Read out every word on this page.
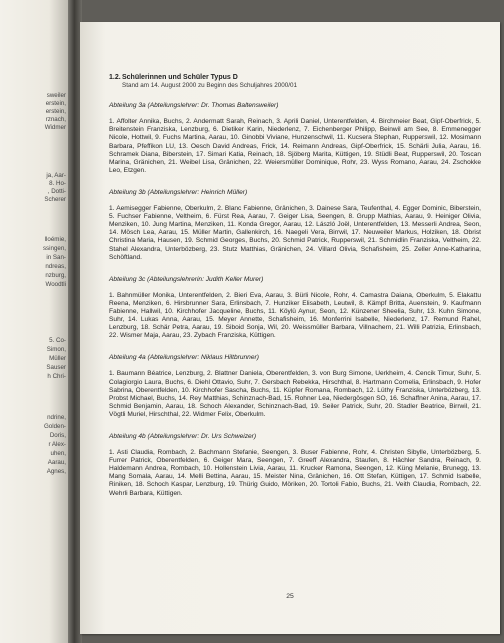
sweiler
erstein,
erstein,
rznach,
Widmer
ja, Aar-
8. Ho-
, Dotti-
Scherer
lloémie,
ssingen,
in San-
ndreas,
nzburg,
Woodtli
5. Co-
Simon,
Müller
Sauser
h Chri-
ndrine,
Golden-
Doris,
r Alex-
uhen,
Aarau,
Agnes,
1.2. Schülerinnen und Schüler Typus D
Stand am 14. August 2000 zu Beginn des Schuljahres 2000/01
Abteilung 3a (Abteilungslehrer: Dr. Thomas Baltensweiler)
1. Affolter Annika, Buchs, 2. Andermatt Sarah, Reinach, 3. Aprili Daniel, Unterentfelden, 4. Birchmeier Beat, Gipf-Oberfrick, 5. Breitenstein Franziska, Lenzburg, 6. Dietiker Karin, Niederlenz, 7. Eichenberger Philipp, Beinwil am See, 8. Emmenegger Nicole, Hottwil, 9. Fuchs Martina, Aarau, 10. Ginobbi Viviane, Hunzenschwil, 11. Kucsera Stephan, Rupperswil, 12. Mosimann Barbara, Pfeffikon LU, 13. Oesch David Andreas, Frick, 14. Reimann Andreas, Gipf-Oberfrick, 15. Schärli Julia, Aarau, 16. Schramek Diana, Biberstein, 17. Simari Katia, Reinach, 18. Sjöberg Marita, Küttigen, 19. Stüdli Beat, Rupperswil, 20. Toscan Marina, Gränichen, 21. Weibel Lisa, Gränichen, 22. Weiersmüller Dominique, Rohr, 23. Wyss Romano, Aarau, 24. Zschokke Leo, Etzgen.
Abteilung 3b (Abteilungslehrer: Heinrich Müller)
1. Aemisegger Fabienne, Oberkulm, 2. Blanc Fabienne, Gränichen, 3. Dainese Sara, Teufenthal, 4. Egger Dominic, Biberstein, 5. Fuchser Fabienne, Veltheim, 6. Fürst Rea, Aarau, 7. Geiger Lisa, Seengen, 8. Grupp Mathias, Aarau, 9. Heiniger Olivia, Menziken, 10. Jung Martina, Menziken, 11. Konda Gregor, Aarau, 12. László Joël, Unterentfelden, 13. Messerli Andrea, Seon, 14. Mösch Lea, Aarau, 15. Müller Martin, Gallenkirch, 16. Naegeli Vera, Birrwil, 17. Neuweiler Markus, Holziken, 18. Obrist Christina Maria, Hausen, 19. Schmid Georges, Buchs, 20. Schmid Patrick, Rupperswil, 21. Schmidlin Franziska, Veltheim, 22. Stahel Alexandra, Unterbözberg, 23. Stutz Matthias, Gränichen, 24. Villard Olivia, Schafisheim, 25. Zeller Anne-Katharina, Schöftland.
Abteilung 3c (Abteilungslehrerin: Judith Keller Murer)
1. Bahnmüller Monika, Unterentfelden, 2. Bieri Eva, Aarau, 3. Bürli Nicole, Rohr, 4. Camastra Daiana, Oberkulm, 5. Elakattu Reena, Menziken, 6. Hirsbrunner Sara, Erlinsbach, 7. Hunziker Elisabeth, Leutwil, 8. Kämpf Britta, Auenstein, 9. Kaufmann Fabienne, Hallwil, 10. Kirchhofer Jacqueline, Buchs, 11. Köylü Aynur, Seon, 12. Künzener Sheelia, Suhr, 13. Kuhn Simone, Suhr, 14. Lukas Anna, Aarau, 15. Meyer Annette, Schafisheim, 16. Monferrini Isabelle, Niederlenz, 17. Remund Rahel, Lenzburg, 18. Schär Petra, Aarau, 19. Siboid Sonja, Wil, 20. Weissmüller Barbara, Villnachern, 21. Willi Patrizia, Erlinsbach, 22. Wismer Maja, Aarau, 23. Zybach Franziska, Küttigen.
Abteilung 4a (Abteilungslehrer: Niklaus Hiltbrunner)
1. Baumann Béatrice, Lenzburg, 2. Blattner Daniela, Oberentfelden, 3. von Burg Simone, Uerkheim, 4. Cencik Timur, Suhr, 5. Colagiorgio Laura, Buchs, 6. Diehl Ottavio, Suhr, 7. Gersbach Rebekka, Hirschthal, 8. Hartmann Cornelia, Erlinsbach, 9. Hofer Sabrina, Oberentfelden, 10. Kirchhofer Sascha, Buchs, 11. Küpfer Romana, Rombach, 12. Lüthy Franziska, Unterbözberg, 13. Probst Michael, Buchs, 14. Rey Matthias, Schinznach-Bad, 15. Rohner Lea, Niedergösgen SO, 16. Schaffner Anina, Aarau, 17. Schmid Benjamin, Aarau, 18. Schoch Alexander, Schinznach-Bad, 19. Seiler Patrick, Suhr, 20. Stadler Beatrice, Birrwil, 21. Vögtli Muriel, Hirschthal, 22. Widmer Felix, Oberkulm.
Abteilung 4b (Abteilungslehrer: Dr. Urs Schweizer)
1. Asti Claudia, Rombach, 2. Bachmann Stefanie, Seengen, 3. Buser Fabienne, Rohr, 4. Christen Sibylle, Unterbözberg, 5. Furrer Patrick, Oberentfelden, 6. Geiger Mara, Seengen, 7. Greeff Alexandra, Staufen, 8. Hächler Sandra, Reinach, 9. Haldemann Andrea, Rombach, 10. Hollenstein Livia, Aarau, 11. Krucker Ramona, Seengen, 12. Küng Melanie, Brunegg, 13. Mang Somala, Aarau, 14. Melli Bettina, Aarau, 15. Meister Nina, Gränichen, 16. Ott Stefan, Küttigen, 17. Schmid Isabelle, Riniken, 18. Schoch Kaspar, Lenzburg, 19. Thürig Guido, Möriken, 20. Tortoli Fabio, Buchs, 21. Veith Claudia, Rombach, 22. Wehrli Barbara, Küttigen.
25
